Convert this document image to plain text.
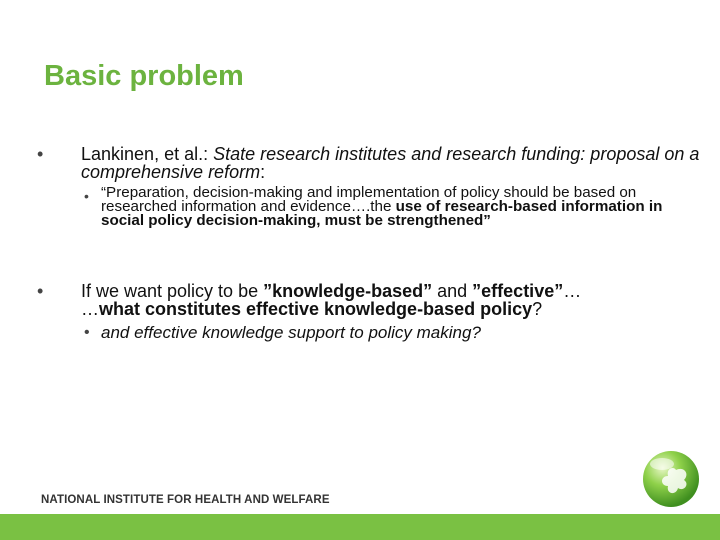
Basic problem
• Lankinen, et al.: State research institutes and research funding: proposal on a comprehensive reform:
• “Preparation, decision-making and implementation of policy should be based on researched information and evidence….the use of research-based information in social policy decision-making, must be strengthened”
• If we want policy to be ”knowledge-based” and ”effective”…
…what constitutes effective knowledge-based policy?
• and effective knowledge support to policy making?
NATIONAL INSTITUTE FOR HEALTH AND WELFARE
